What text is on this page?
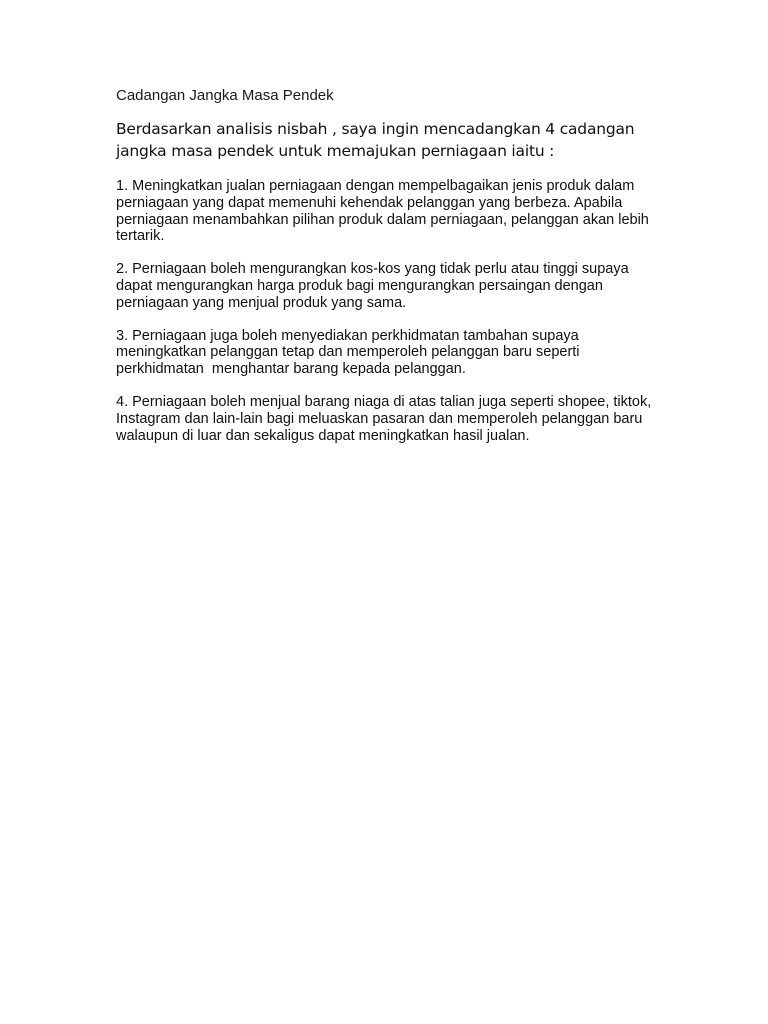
Cadangan Jangka Masa Pendek
Berdasarkan analisis nisbah , saya ingin mencadangkan 4 cadangan jangka masa pendek untuk memajukan perniagaan iaitu :
1. Meningkatkan jualan perniagaan dengan mempelbagaikan jenis produk dalam perniagaan yang dapat memenuhi kehendak pelanggan yang berbeza. Apabila perniagaan menambahkan pilihan produk dalam perniagaan, pelanggan akan lebih tertarik.
2. Perniagaan boleh mengurangkan kos-kos yang tidak perlu atau tinggi supaya dapat mengurangkan harga produk bagi mengurangkan persaingan dengan perniagaan yang menjual produk yang sama.
3. Perniagaan juga boleh menyediakan perkhidmatan tambahan supaya meningkatkan pelanggan tetap dan memperoleh pelanggan baru seperti perkhidmatan  menghantar barang kepada pelanggan.
4. Perniagaan boleh menjual barang niaga di atas talian juga seperti shopee, tiktok, Instagram dan lain-lain bagi meluaskan pasaran dan memperoleh pelanggan baru walaupun di luar dan sekaligus dapat meningkatkan hasil jualan.
